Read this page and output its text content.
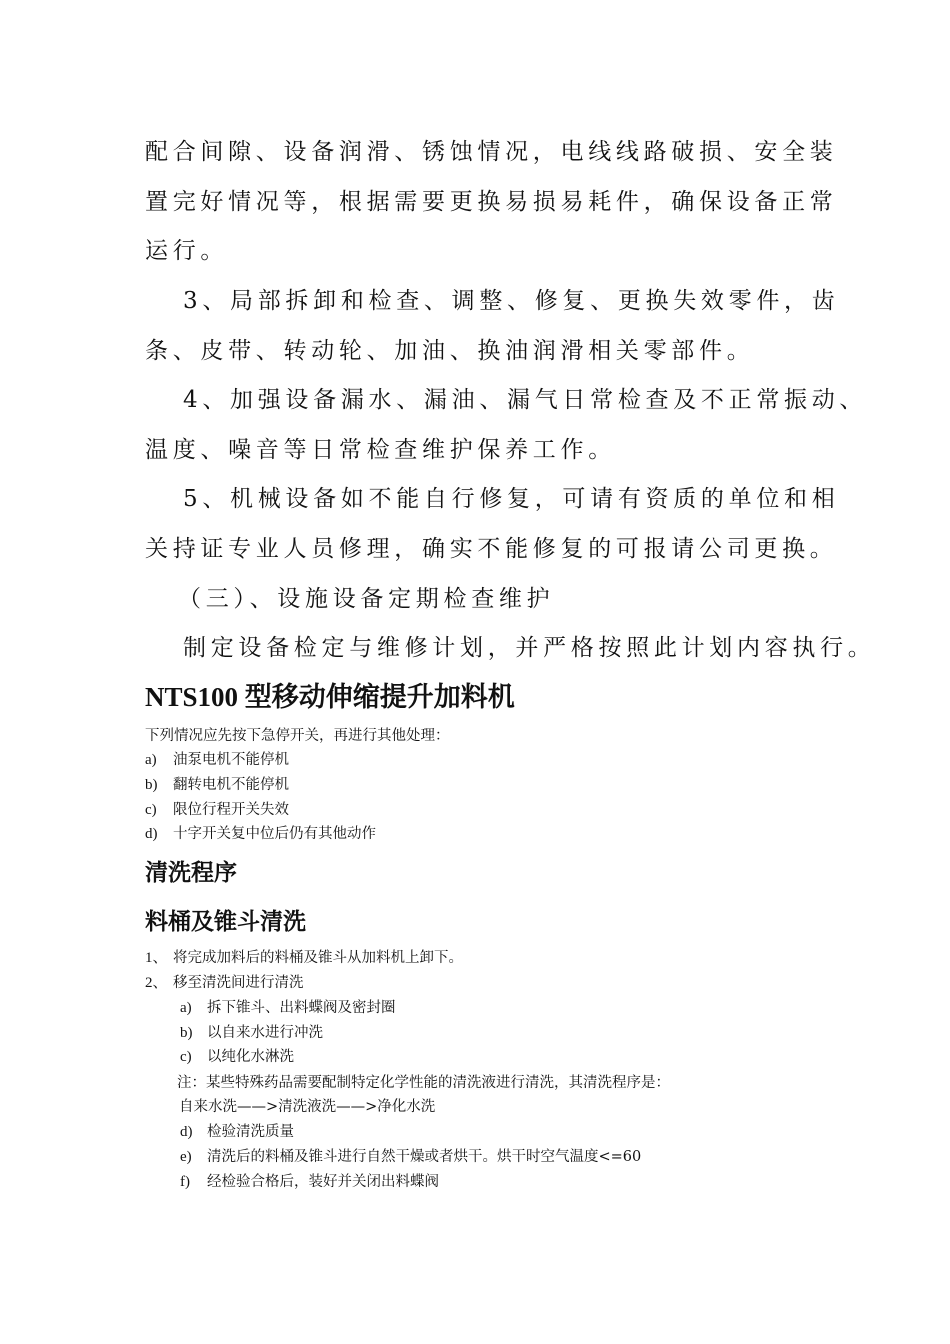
配合间隙、设备润滑、锈蚀情况，电线线路破损、安全装

置完好情况等，根据需要更换易损易耗件，确保设备正常

运行。

3、局部拆卸和检查、调整、修复、更换失效零件，齿

条、皮带、转动轮、加油、换油润滑相关零部件。

4、加强设备漏水、漏油、漏气日常检查及不正常振动、

温度、噪音等日常检查维护保养工作。

5、机械设备如不能自行修复，可请有资质的单位和相

关持证专业人员修理，确实不能修复的可报请公司更换。

（三）、设施设备定期检查维护

制定设备检定与维修计划，并严格按照此计划内容执行。

NTS100 型移动伸缩提升加料机

下列情况应先按下急停开关，再进行其他处理：

a) 油泵电机不能停机
b) 翻转电机不能停机
c) 限位行程开关失效
d) 十字开关复中位后仍有其他动作
清洗程序
料桶及锥斗清洗
1、 将完成加料后的料桶及锥斗从加料机上卸下。
2、 移至清洗间进行清洗
a) 拆下锥斗、出料蝶阀及密封圈
b) 以自来水进行冲洗
c) 以纯化水淋洗
注：某些特殊药品需要配制特定化学性能的清洗液进行清洗，其清洗程序是：
自来水洗——>清洗液洗——>净化水洗
d) 检验清洗质量
e) 清洗后的料桶及锥斗进行自然干燥或者烘干。烘干时空气温度<=60
f) 经检验合格后，装好并关闭出料蝶阀
